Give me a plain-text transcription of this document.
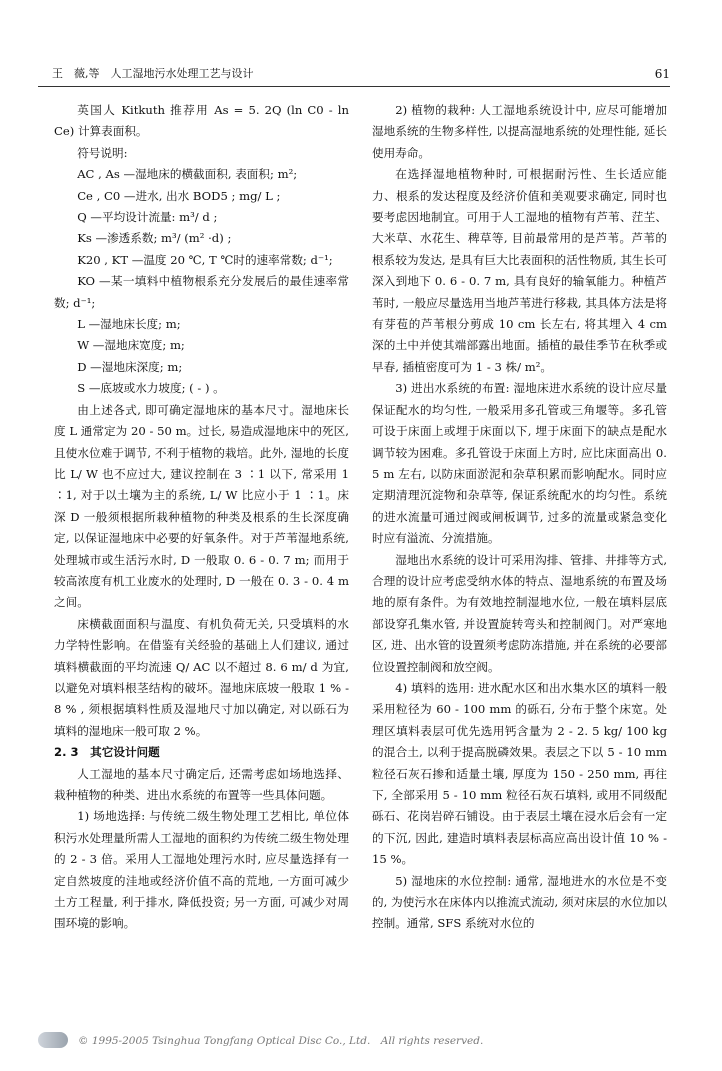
王　薇,等　人工湿地污水处理工艺与设计	61

英国人 Kitkuth 推荐用 As = 5. 2Q (ln C0 - ln Ce) 计算表面积。

符号说明:

AC , As —湿地床的横截面积, 表面积; m²;

Ce , C0 —进水, 出水 BOD5 ; mg/ L ;

Q —平均设计流量: m³/ d ;

Ks —渗透系数; m³/ (m² ·d) ;

K20 , KT —温度 20 ℃, T ℃时的速率常数; d⁻¹;

KO —某一填料中植物根系充分发展后的最佳速率常数; d⁻¹;

L —湿地床长度; m;

W —湿地床宽度; m;

D —湿地床深度; m;

S —底坡或水力坡度; ( - ) 。

由上述各式, 即可确定湿地床的基本尺寸。湿地床长度 L 通常定为 20 - 50 m。过长, 易造成湿地床中的死区, 且使水位难于调节, 不利于植物的栽培。此外, 湿地的长度比 L/ W 也不应过大, 建议控制在 3 ∶1 以下, 常采用 1 ∶1, 对于以土壤为主的系统, L/ W 比应小于 1 ∶1。床深 D 一般须根据所栽种植物的种类及根系的生长深度确定, 以保证湿地床中必要的好氧条件。对于芦苇湿地系统, 处理城市或生活污水时, D 一般取 0. 6 - 0. 7 m; 而用于较高浓度有机工业废水的处理时, D 一般在 0. 3 - 0. 4 m 之间。

床横截面面积与温度、有机负荷无关, 只受填料的水力学特性影响。在借鉴有关经验的基础上人们建议, 通过填料横截面的平均流速 Q/ AC 以不超过 8. 6 m/ d 为宜, 以避免对填料根茎结构的破坏。湿地床底坡一般取 1 % - 8 % , 须根据填料性质及湿地尺寸加以确定, 对以砾石为填料的湿地床一般可取 2 %。

2. 3　其它设计问题

人工湿地的基本尺寸确定后, 还需考虑如场地选择、栽种植物的种类、进出水系统的布置等一些具体问题。

1) 场地选择: 与传统二级生物处理工艺相比, 单位体积污水处理量所需人工湿地的面积约为传统二级生物处理的 2 - 3 倍。采用人工湿地处理污水时, 应尽量选择有一定自然坡度的洼地或经济价值不高的荒地, 一方面可减少土方工程量, 利于排水, 降低投资; 另一方面, 可减少对周围环境的影响。

2) 植物的栽种: 人工湿地系统设计中, 应尽可能增加湿地系统的生物多样性, 以提高湿地系统的处理性能, 延长使用寿命。

在选择湿地植物种时, 可根据耐污性、生长适应能力、根系的发达程度及经济价值和美观要求确定, 同时也要考虑因地制宜。可用于人工湿地的植物有芦苇、茳芏、大米草、水花生、稗草等, 目前最常用的是芦苇。芦苇的根系较为发达, 是具有巨大比表面积的活性物质, 其生长可深入到地下 0. 6 - 0. 7 m, 具有良好的输氧能力。种植芦苇时, 一般应尽量选用当地芦苇进行移栽, 其具体方法是将有芽苞的芦苇根分剪成 10 cm 长左右, 将其埋入 4 cm 深的土中并使其端部露出地面。插植的最佳季节在秋季或早春, 插植密度可为 1 - 3 株/ m²。

3) 进出水系统的布置: 湿地床进水系统的设计应尽量保证配水的均匀性, 一般采用多孔管或三角堰等。多孔管可设于床面上或埋于床面以下, 埋于床面下的缺点是配水调节较为困难。多孔管设于床面上方时, 应比床面高出 0. 5 m 左右, 以防床面淤泥和杂草积累而影响配水。同时应定期清理沉淀物和杂草等, 保证系统配水的均匀性。系统的进水流量可通过阀或闸板调节, 过多的流量或紧急变化时应有溢流、分流措施。

湿地出水系统的设计可采用沟排、管排、井排等方式, 合理的设计应考虑受纳水体的特点、湿地系统的布置及场地的原有条件。为有效地控制湿地水位, 一般在填料层底部设穿孔集水管, 并设置旋转弯头和控制阀门。对严寒地区, 进、出水管的设置须考虑防冻措施, 并在系统的必要部位设置控制阀和放空阀。

4) 填料的选用: 进水配水区和出水集水区的填料一般采用粒径为 60 - 100 mm 的砾石, 分布于整个床宽。处理区填料表层可优先选用钙含量为 2 - 2. 5 kg/ 100 kg 的混合土, 以利于提高脱磷效果。表层之下以 5 - 10 mm 粒径石灰石掺和适量土壤, 厚度为 150 - 250 mm, 再往下, 全部采用 5 - 10 mm 粒径石灰石填料, 或用不同级配砾石、花岗岩碎石铺设。由于表层土壤在浸水后会有一定的下沉, 因此, 建造时填料表层标高应高出设计值 10 % - 15 %。

5) 湿地床的水位控制: 通常, 湿地进水的水位是不变的, 为使污水在床体内以推流式流动, 须对床层的水位加以控制。通常, SFS 系统对水位的

© 1995-2005 Tsinghua Tongfang Optical Disc Co., Ltd.　All rights reserved.
